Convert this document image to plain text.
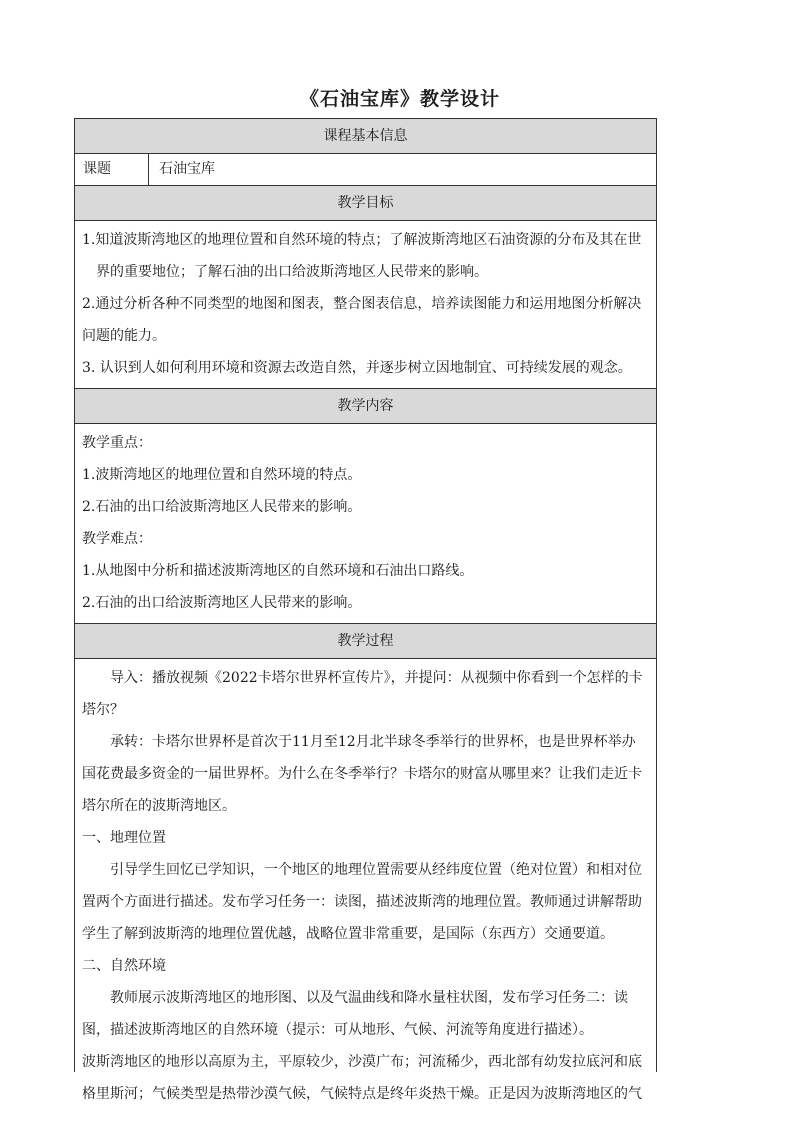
《石油宝库》教学设计
课程基本信息
课题	石油宝库
教学目标

1.知道波斯湾地区的地理位置和自然环境的特点；了解波斯湾地区石油资源的分布及其在世界的重要地位；了解石油的出口给波斯湾地区人民带来的影响。

2.通过分析各种不同类型的地图和图表，整合图表信息，培养读图能力和运用地图分析解决问题的能力。

3. 认识到人如何利用环境和资源去改造自然，并逐步树立因地制宜、可持续发展的观念。

教学内容

教学重点：

1.波斯湾地区的地理位置和自然环境的特点。

2.石油的出口给波斯湾地区人民带来的影响。

教学难点：

1.从地图中分析和描述波斯湾地区的自然环境和石油出口路线。

2.石油的出口给波斯湾地区人民带来的影响。

教学过程

导入：播放视频《2022卡塔尔世界杯宣传片》，并提问：从视频中你看到一个怎样的卡塔尔？

承转：卡塔尔世界杯是首次于11月至12月北半球冬季举行的世界杯，也是世界杯举办国花费最多资金的一届世界杯。为什么在冬季举行？卡塔尔的财富从哪里来？让我们走近卡塔尔所在的波斯湾地区。

一、地理位置

引导学生回忆已学知识，一个地区的地理位置需要从经纬度位置（绝对位置）和相对位置两个方面进行描述。发布学习任务一：读图，描述波斯湾的地理位置。教师通过讲解帮助学生了解到波斯湾的地理位置优越，战略位置非常重要，是国际（东西方）交通要道。

二、自然环境

教师展示波斯湾地区的地形图、以及气温曲线和降水量柱状图，发布学习任务二：读图，描述波斯湾地区的自然环境（提示：可从地形、气候、河流等角度进行描述）。

波斯湾地区的地形以高原为主，平原较少，沙漠广布；河流稀少，西北部有幼发拉底河和底格里斯河；气候类型是热带沙漠气候，气候特点是终年炎热干燥。正是因为波斯湾地区的气
